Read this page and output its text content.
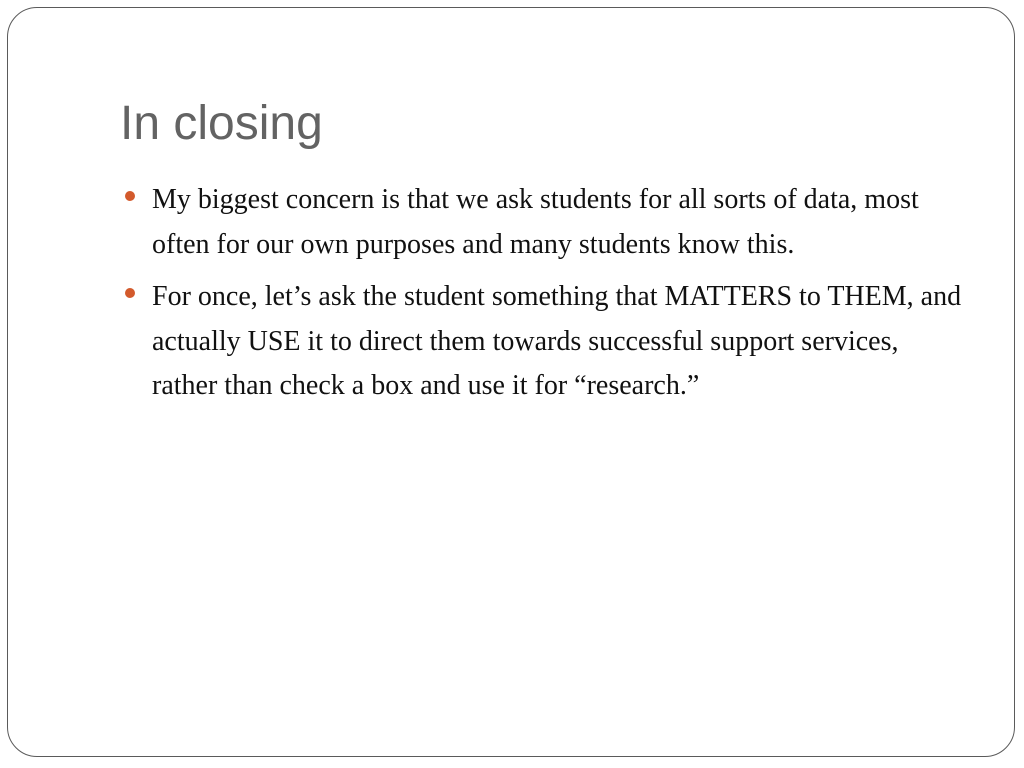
In closing
My biggest concern is that we ask students for all sorts of data, most often for our own purposes and many students know this.
For once, let’s ask the student something that MATTERS to THEM, and actually USE it to direct them towards successful support services, rather than check a box and use it for “research.”
